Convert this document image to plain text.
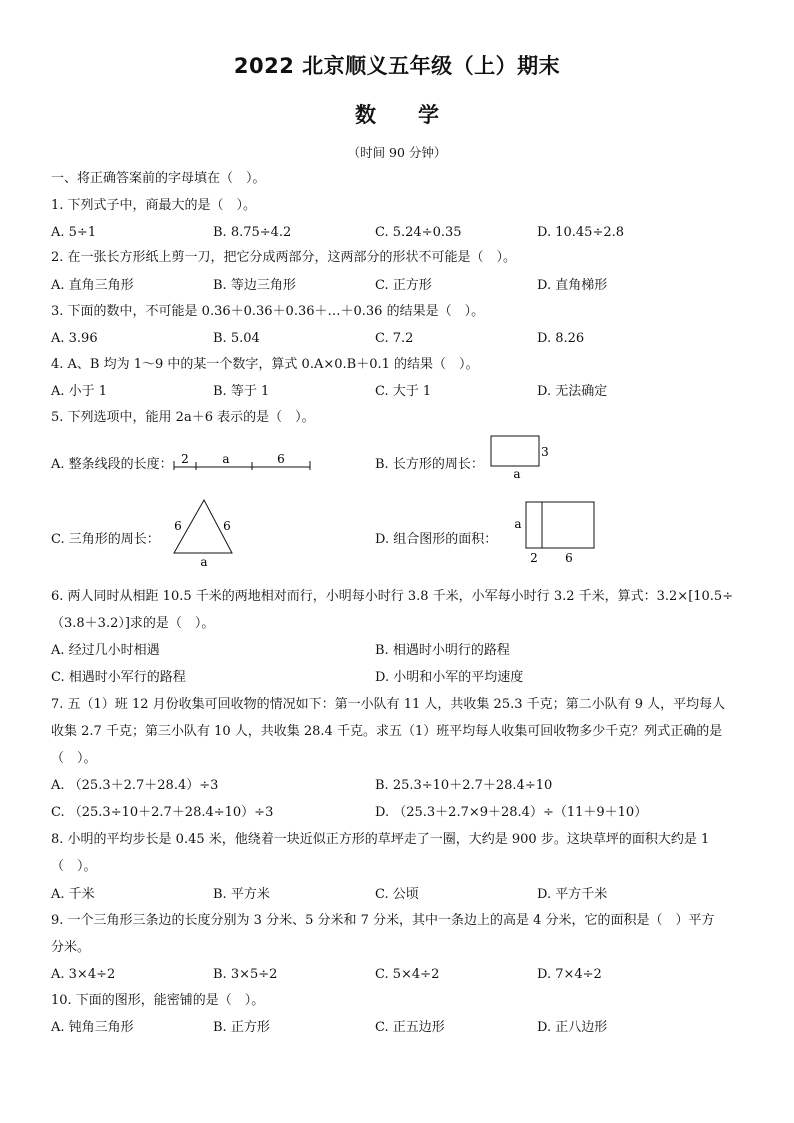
2022 北京顺义五年级（上）期末
数　　学
（时间 90 分钟）
一、将正确答案前的字母填在（　）。
1. 下列式子中，商最大的是（　）。
A. 5÷1	B. 8.75÷4.2	C. 5.24÷0.35	D. 10.45÷2.8
2. 在一张长方形纸上剪一刀，把它分成两部分，这两部分的形状不可能是（　）。
A. 直角三角形	B. 等边三角形	C. 正方形	D. 直角梯形
3. 下面的数中，不可能是 0.36＋0.36＋0.36＋…＋0.36 的结果是（　）。
A. 3.96	B. 5.04	C. 7.2	D. 8.26
4. A、B 均为 1～9 中的某一个数字，算式 0.A×0.B＋0.1 的结果（　）。
A. 小于 1	B. 等于 1	C. 大于 1	D. 无法确定
5. 下列选项中，能用 2a＋6 表示的是（　）。
A. 整条线段的长度： 2	a	6	B. 长方形的周长：
3
a
C. 三角形的周长：
6	6
a
D. 组合图形的面积：
a
2 6
6. 两人同时从相距 10.5 千米的两地相对而行，小明每小时行 3.8 千米，小军每小时行 3.2 千米，算式：3.2×[10.5÷
（3.8＋3.2）]求的是（　）。
A. 经过几小时相遇	B. 相遇时小明行的路程
C. 相遇时小军行的路程	D. 小明和小军的平均速度
7. 五（1）班 12 月份收集可回收物的情况如下：第一小队有 11 人，共收集 25.3 千克；第二小队有 9 人，平均每人
收集 2.7 千克；第三小队有 10 人，共收集 28.4 千克。求五（1）班平均每人收集可回收物多少千克？列式正确的是
（　）。
A. （25.3＋2.7＋28.4）÷3	B. 25.3÷10＋2.7＋28.4÷10
C. （25.3÷10＋2.7＋28.4÷10）÷3	D. （25.3＋2.7×9＋28.4）÷（11＋9＋10）
8. 小明的平均步长是 0.45 米，他绕着一块近似正方形的草坪走了一圈，大约是 900 步。这块草坪的面积大约是 1
（　）。
A. 千米	B. 平方米	C. 公顷	D. 平方千米
9. 一个三角形三条边的长度分别为 3 分米、5 分米和 7 分米，其中一条边上的高是 4 分米，它的面积是（　）平方
分米。
A. 3×4÷2	B. 3×5÷2	C. 5×4÷2	D. 7×4÷2
10. 下面的图形，能密铺的是（　）。
A. 钝角三角形	B. 正方形	C. 正五边形	D. 正八边形
